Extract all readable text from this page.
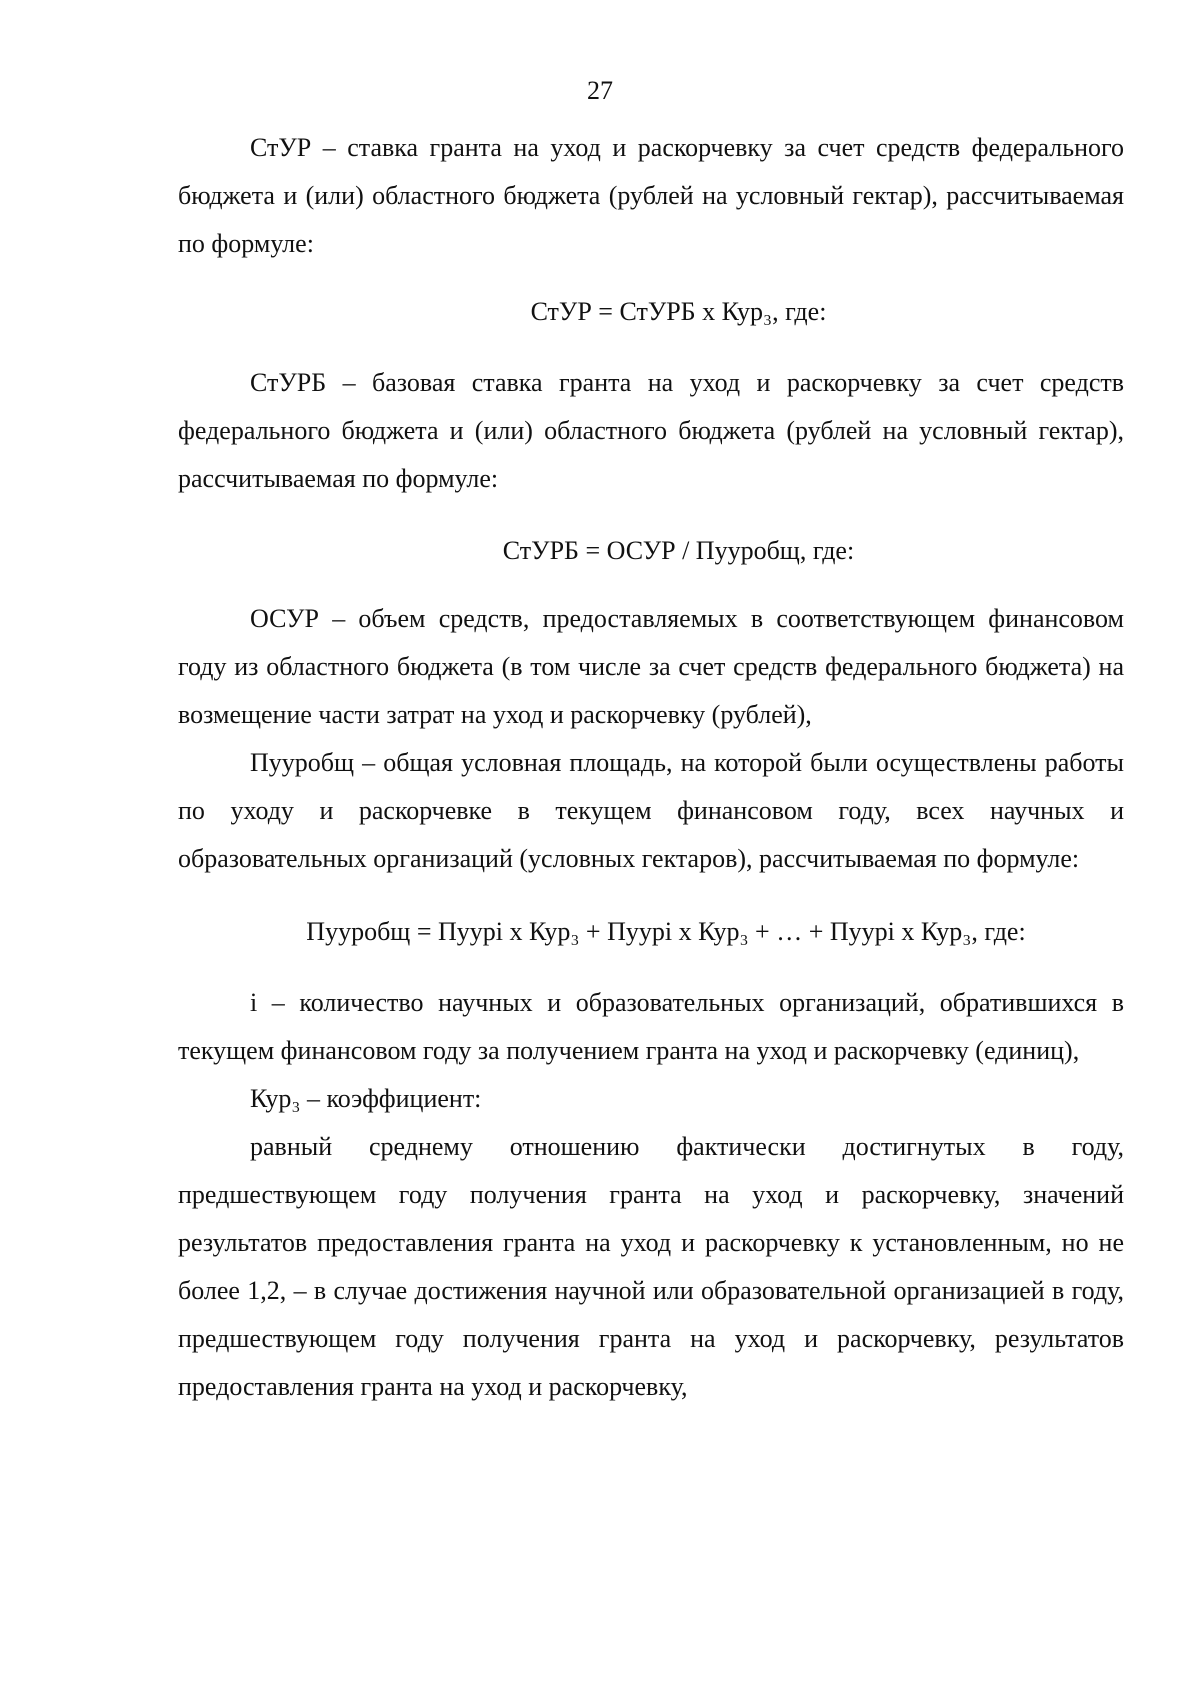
27

СтУР – ставка гранта на уход и раскорчевку за счет средств федерального бюджета и (или) областного бюджета (рублей на условный гектар), рассчитываемая по формуле:

СтУР = СтУРБ х Кур₃, где:

СтУРБ – базовая ставка гранта на уход и раскорчевку за счет средств федерального бюджета и (или) областного бюджета (рублей на условный гектар), рассчитываемая по формуле:

СтУРБ = ОСУР / Пууробщ, где:

ОСУР – объем средств, предоставляемых в соответствующем финансовом году из областного бюджета (в том числе за счет средств федерального бюджета) на возмещение части затрат на уход и раскорчевку (рублей),

Пууробщ – общая условная площадь, на которой были осуществлены работы по уходу и раскорчевке в текущем финансовом году, всех научных и образовательных организаций (условных гектаров), рассчитываемая по формуле:

Пууробщ = Пуурі х Кур₃ + Пуурі х Кур₃ + … + Пуурі х Кур₃, где:

і – количество научных и образовательных организаций, обратившихся в текущем финансовом году за получением гранта на уход и раскорчевку (единиц),

Кур₃ – коэффициент:

равный среднему отношению фактически достигнутых в году, предшествующем году получения гранта на уход и раскорчевку, значений результатов предоставления гранта на уход и раскорчевку к установленным, но не более 1,2, – в случае достижения научной или образовательной организацией в году, предшествующем году получения гранта на уход и раскорчевку, результатов предоставления гранта на уход и раскорчевку,
